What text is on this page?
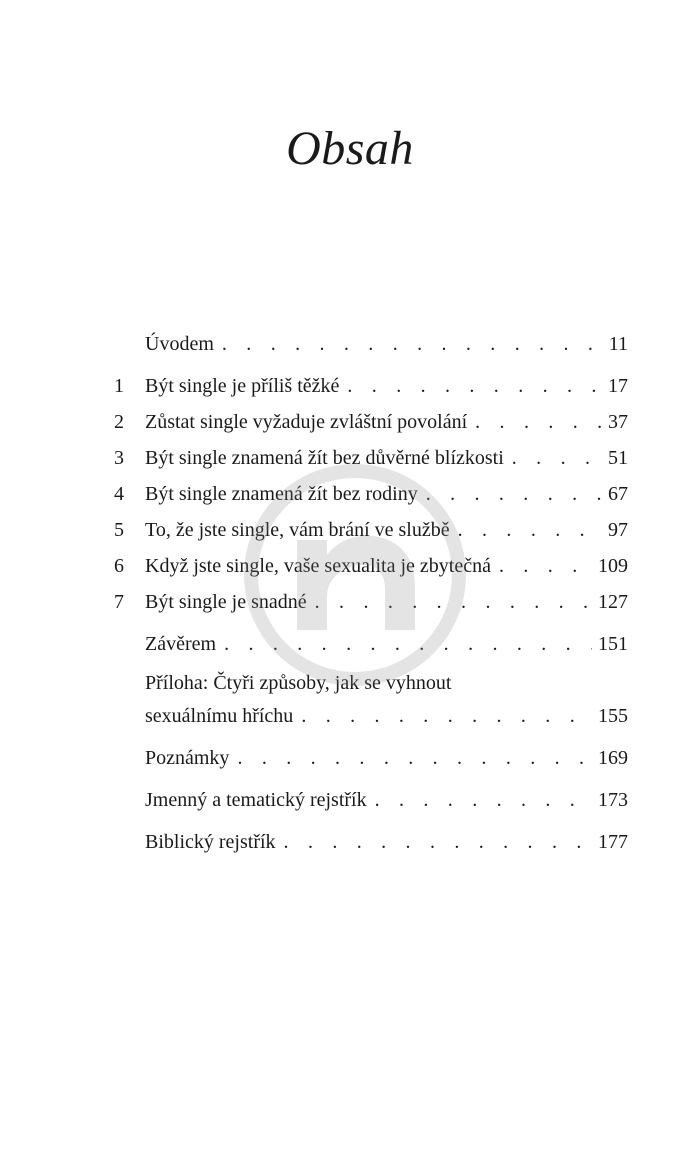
Obsah
Úvodem . . .	11
1	Být single je příliš těžké . . .	17
2	Zůstat single vyžaduje zvláštní povolání . . .	37
3	Být single znamená žít bez důvěrné blízkosti . . .	51
4	Být single znamená žít bez rodiny . . .	67
5	To, že jste single, vám brání ve službě . . .	97
6	Když jste single, vaše sexualita je zbytečná . . .	109
7	Být single je snadné . . .	127
Závěrem . . .	151
Příloha: Čtyři způsoby, jak se vyhnout
sexuálnímu hříchu . . .	155
Poznámky . . .	169
Jmenný a tematický rejstřík . . .	173
Biblický rejstřík . . .	177
